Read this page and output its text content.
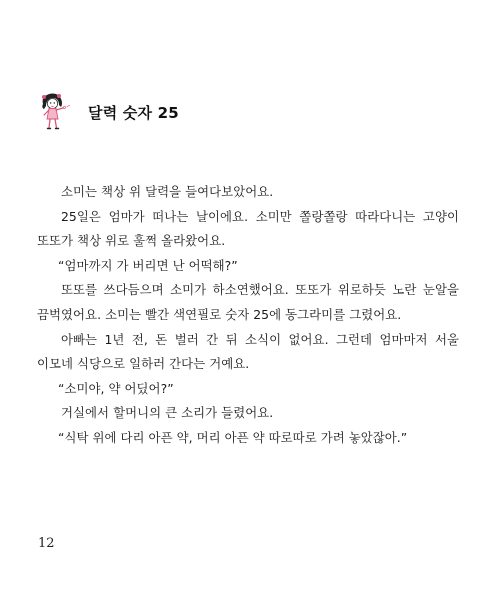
달력 숫자 25

소미는 책상 위 달력을 들여다보았어요.

25일은 엄마가 떠나는 날이에요. 소미만 쫄랑쫄랑 따라다니는 고양이 또또가 책상 위로 훌쩍 올라왔어요.

“엄마까지 가 버리면 난 어떡해?”

또또를 쓰다듬으며 소미가 하소연했어요. 또또가 위로하듯 노란 눈알을 끔벅였어요. 소미는 빨간 색연필로 숫자 25에 동그라미를 그렸어요.

아빠는 1년 전, 돈 벌러 간 뒤 소식이 없어요. 그런데 엄마마저 서울 이모네 식당으로 일하러 간다는 거예요.

“소미야, 약 어딨어?”

거실에서 할머니의 큰 소리가 들렸어요.

“식탁 위에 다리 아픈 약, 머리 아픈 약 따로따로 가려 놓았잖아.”

12
